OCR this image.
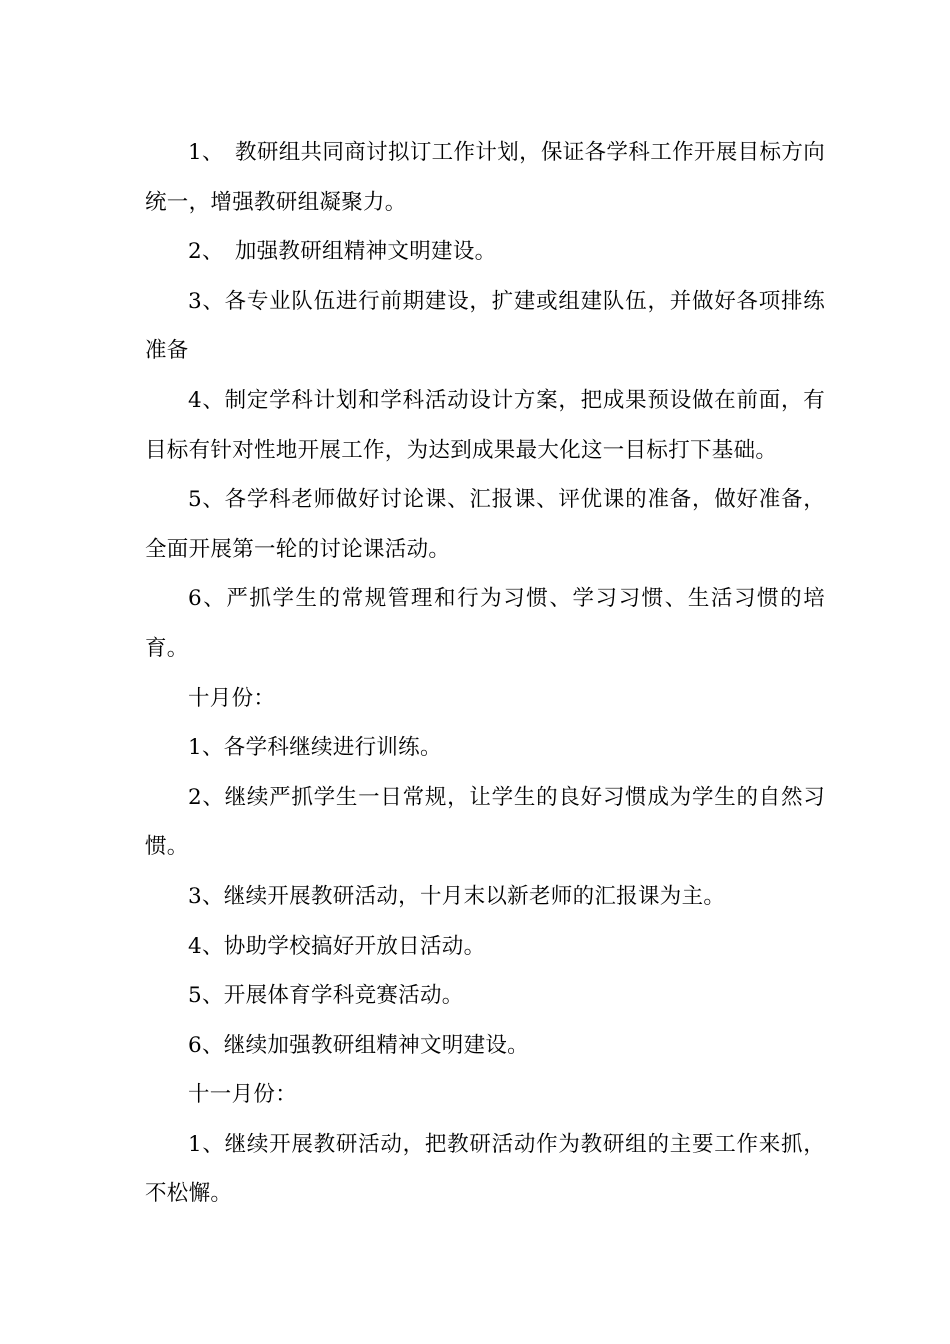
1、　教研组共同商讨拟订工作计划，保证各学科工作开展目标方向统一，增强教研组凝聚力。

2、　加强教研组精神文明建设。

3、各专业队伍进行前期建设，扩建或组建队伍，并做好各项排练准备

4、制定学科计划和学科活动设计方案，把成果预设做在前面，有目标有针对性地开展工作，为达到成果最大化这一目标打下基础。

5、各学科老师做好讨论课、汇报课、评优课的准备，做好准备，全面开展第一轮的讨论课活动。

6、严抓学生的常规管理和行为习惯、学习习惯、生活习惯的培育。

十月份：

1、各学科继续进行训练。

2、继续严抓学生一日常规，让学生的良好习惯成为学生的自然习惯。

3、继续开展教研活动，十月末以新老师的汇报课为主。

4、协助学校搞好开放日活动。

5、开展体育学科竞赛活动。

6、继续加强教研组精神文明建设。

十一月份：

1、继续开展教研活动，把教研活动作为教研组的主要工作来抓，不松懈。
